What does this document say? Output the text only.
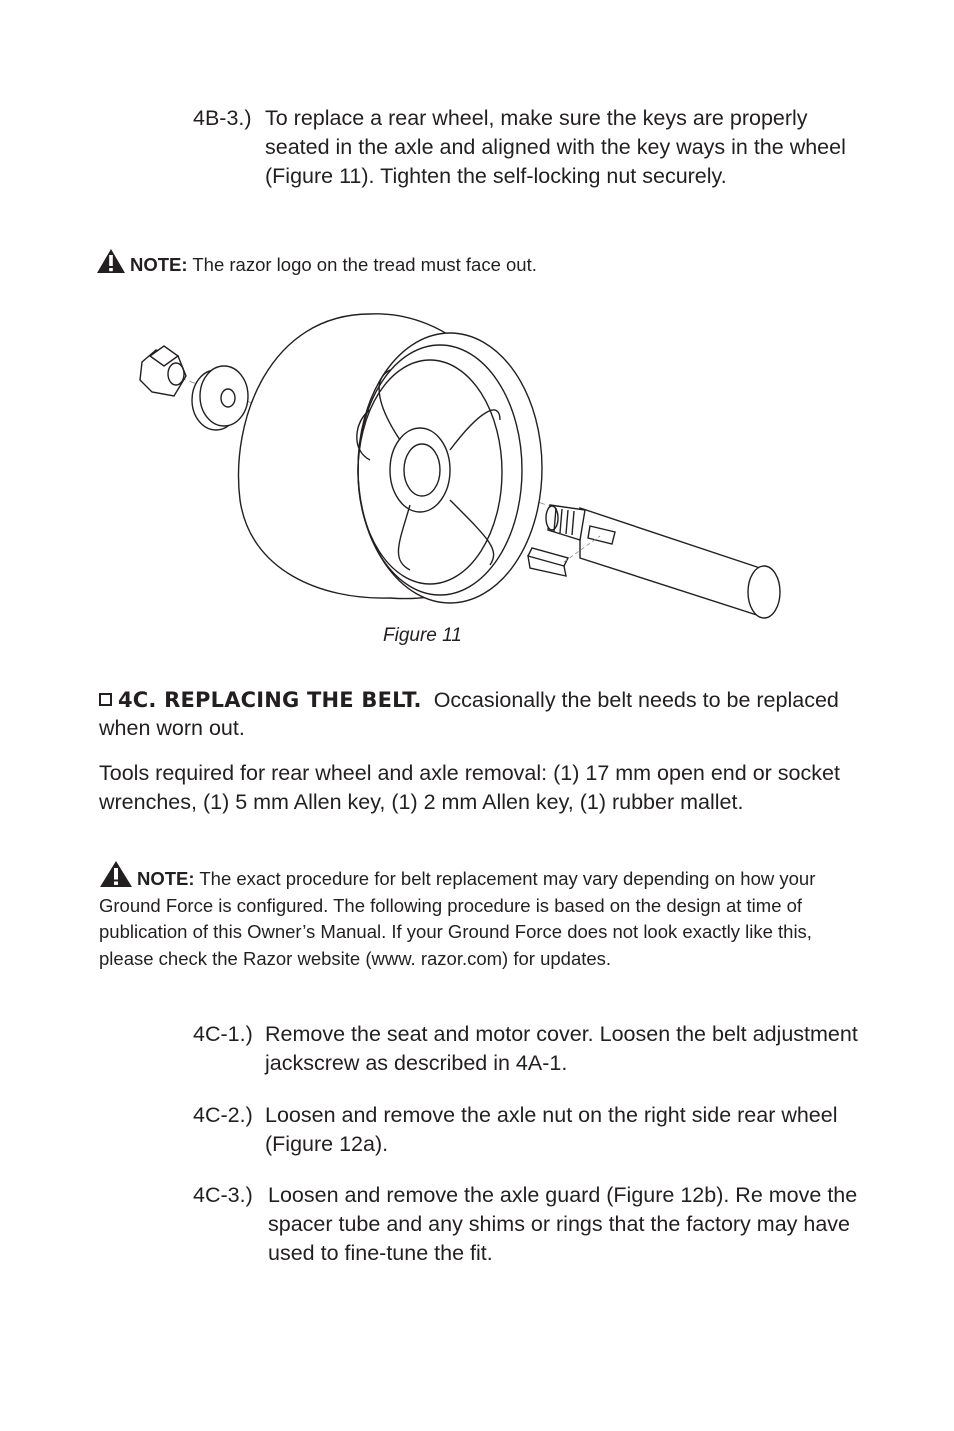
4B-3.) To replace a rear wheel, make sure the keys are properly seated in the axle and aligned with the key ways in the wheel (Figure 11). Tighten the self-locking nut securely.
NOTE: The razor logo on the tread must face out.
Figure 11
4C. REPLACING THE BELT. Occasionally the belt needs to be replaced when worn out.
Tools required for rear wheel and axle removal: (1) 17 mm open end or socket wrenches, (1) 5 mm Allen key, (1) 2 mm Allen key, (1) rubber mallet.
NOTE: The exact procedure for belt replacement may vary depending on how your Ground Force is configured. The following procedure is based on the design at time of publication of this Owner’s Manual. If your Ground Force does not look exactly like this, please check the Razor website (www. razor.com) for updates.
4C-1.) Remove the seat and motor cover. Loosen the belt adjustment jackscrew as described in 4A-1.
4C-2.) Loosen and remove the axle nut on the right side rear wheel (Figure 12a).
4C-3.) Loosen and remove the axle guard (Figure 12b). Re move the spacer tube and any shims or rings that the factory may have used to fine-tune the fit.
